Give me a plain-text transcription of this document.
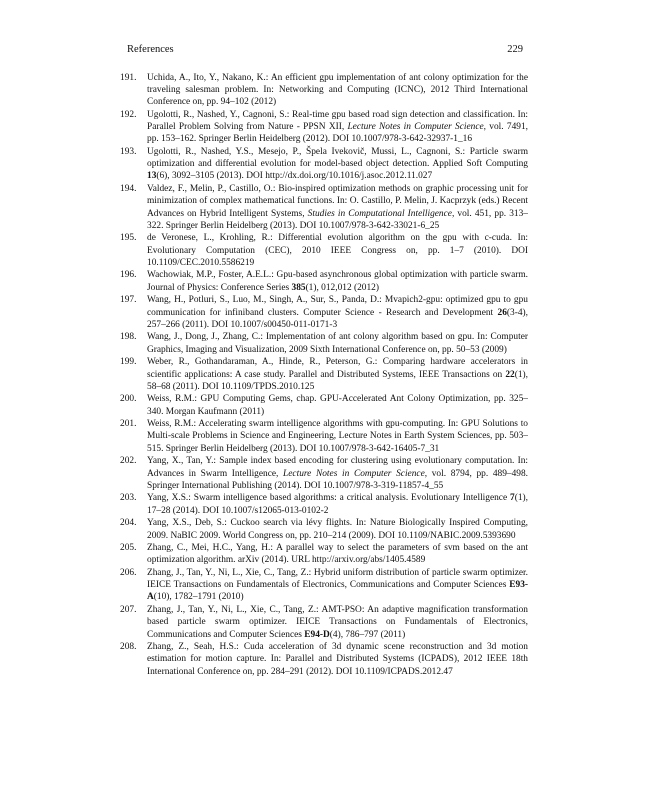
References	229
191.	Uchida, A., Ito, Y., Nakano, K.: An efficient gpu implementation of ant colony optimization for the traveling salesman problem. In: Networking and Computing (ICNC), 2012 Third International Conference on, pp. 94–102 (2012)
192.	Ugolotti, R., Nashed, Y., Cagnoni, S.: Real-time gpu based road sign detection and classification. In: Parallel Problem Solving from Nature - PPSN XII, Lecture Notes in Computer Science, vol. 7491, pp. 153–162. Springer Berlin Heidelberg (2012). DOI 10.1007/978-3-642-32937-1_16
193.	Ugolotti, R., Nashed, Y.S., Mesejo, P., Špela Ivekovič, Mussi, L., Cagnoni, S.: Particle swarm optimization and differential evolution for model-based object detection. Applied Soft Computing 13(6), 3092–3105 (2013). DOI http://dx.doi.org/10.1016/j.asoc.2012.11.027
194.	Valdez, F., Melin, P., Castillo, O.: Bio-inspired optimization methods on graphic processing unit for minimization of complex mathematical functions. In: O. Castillo, P. Melin, J. Kacprzyk (eds.) Recent Advances on Hybrid Intelligent Systems, Studies in Computational Intelligence, vol. 451, pp. 313–322. Springer Berlin Heidelberg (2013). DOI 10.1007/978-3-642-33021-6_25
195.	de Veronese, L., Krohling, R.: Differential evolution algorithm on the gpu with c-cuda. In: Evolutionary Computation (CEC), 2010 IEEE Congress on, pp. 1–7 (2010). DOI 10.1109/CEC.2010.5586219
196.	Wachowiak, M.P., Foster, A.E.L.: Gpu-based asynchronous global optimization with particle swarm. Journal of Physics: Conference Series 385(1), 012,012 (2012)
197.	Wang, H., Potluri, S., Luo, M., Singh, A., Sur, S., Panda, D.: Mvapich2-gpu: optimized gpu to gpu communication for infiniband clusters. Computer Science - Research and Development 26(3-4), 257–266 (2011). DOI 10.1007/s00450-011-0171-3
198.	Wang, J., Dong, J., Zhang, C.: Implementation of ant colony algorithm based on gpu. In: Computer Graphics, Imaging and Visualization, 2009 Sixth International Conference on, pp. 50–53 (2009)
199.	Weber, R., Gothandaraman, A., Hinde, R., Peterson, G.: Comparing hardware accelerators in scientific applications: A case study. Parallel and Distributed Systems, IEEE Transactions on 22(1), 58–68 (2011). DOI 10.1109/TPDS.2010.125
200.	Weiss, R.M.: GPU Computing Gems, chap. GPU-Accelerated Ant Colony Optimization, pp. 325–340. Morgan Kaufmann (2011)
201.	Weiss, R.M.: Accelerating swarm intelligence algorithms with gpu-computing. In: GPU Solutions to Multi-scale Problems in Science and Engineering, Lecture Notes in Earth System Sciences, pp. 503–515. Springer Berlin Heidelberg (2013). DOI 10.1007/978-3-642-16405-7_31
202.	Yang, X., Tan, Y.: Sample index based encoding for clustering using evolutionary computation. In: Advances in Swarm Intelligence, Lecture Notes in Computer Science, vol. 8794, pp. 489–498. Springer International Publishing (2014). DOI 10.1007/978-3-319-11857-4_55
203.	Yang, X.S.: Swarm intelligence based algorithms: a critical analysis. Evolutionary Intelligence 7(1), 17–28 (2014). DOI 10.1007/s12065-013-0102-2
204.	Yang, X.S., Deb, S.: Cuckoo search via lévy flights. In: Nature Biologically Inspired Computing, 2009. NaBIC 2009. World Congress on, pp. 210–214 (2009). DOI 10.1109/NABIC.2009.5393690
205.	Zhang, C., Mei, H.C., Yang, H.: A parallel way to select the parameters of svm based on the ant optimization algorithm. arXiv (2014). URL http://arxiv.org/abs/1405.4589
206.	Zhang, J., Tan, Y., Ni, L., Xie, C., Tang, Z.: Hybrid uniform distribution of particle swarm optimizer. IEICE Transactions on Fundamentals of Electronics, Communications and Computer Sciences E93-A(10), 1782–1791 (2010)
207.	Zhang, J., Tan, Y., Ni, L., Xie, C., Tang, Z.: AMT-PSO: An adaptive magnification transformation based particle swarm optimizer. IEICE Transactions on Fundamentals of Electronics, Communications and Computer Sciences E94-D(4), 786–797 (2011)
208.	Zhang, Z., Seah, H.S.: Cuda acceleration of 3d dynamic scene reconstruction and 3d motion estimation for motion capture. In: Parallel and Distributed Systems (ICPADS), 2012 IEEE 18th International Conference on, pp. 284–291 (2012). DOI 10.1109/ICPADS.2012.47
